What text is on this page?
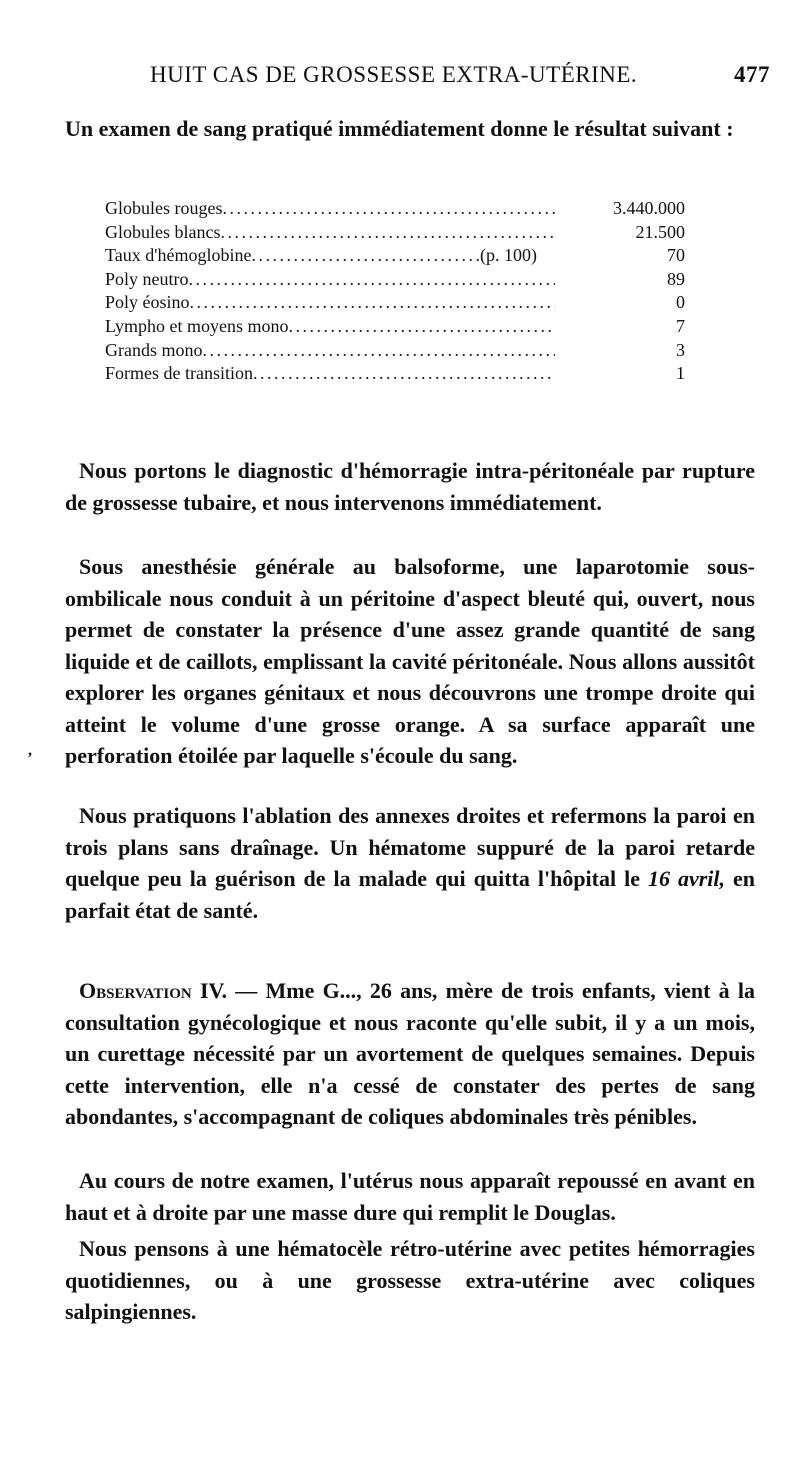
HUIT CAS DE GROSSESSE EXTRA-UTÉRINE.	477
Un examen de sang pratiqué immédiatement donne le résultat suivant :
Globules rouges . . .	3.440.000
Globules blancs . . .	21.500
Taux d'hémoglobine . . .	(p. 100)	70
Poly neutro . . .	89
Poly éosino . . .	0
Lympho et moyens mono . . .	7
Grands mono . . .	3
Formes de transition . . .	1
Nous portons le diagnostic d'hémorragie intra-péritonéale par rupture de grossesse tubaire, et nous intervenons immédiatement.
Sous anesthésie générale au balsoforme, une laparotomie sous-ombilicale nous conduit à un péritoine d'aspect bleuté qui, ouvert, nous permet de constater la présence d'une assez grande quantité de sang liquide et de caillots, emplissant la cavité péritonéale. Nous allons aussitôt explorer les organes génitaux et nous découvrons une trompe droite qui atteint le volume d'une grosse orange. A sa surface apparaît une perforation étoilée par laquelle s'écoule du sang.
,
Nous pratiquons l'ablation des annexes droites et refermons la paroi en trois plans sans draînage. Un hématome suppuré de la paroi retarde quelque peu la guérison de la malade qui quitta l'hôpital le 16 avril, en parfait état de santé.
Observation IV. — Mme G..., 26 ans, mère de trois enfants, vient à la consultation gynécologique et nous raconte qu'elle subit, il y a un mois, un curettage nécessité par un avortement de quelques semaines. Depuis cette intervention, elle n'a cessé de constater des pertes de sang abondantes, s'accompagnant de coliques abdominales très pénibles.
Au cours de notre examen, l'utérus nous apparaît repoussé en avant en haut et à droite par une masse dure qui remplit le Douglas.
Nous pensons à une hématocèle rétro-utérine avec petites hémorragies quotidiennes, ou à une grossesse extra-utérine avec coliques salpingiennes.
